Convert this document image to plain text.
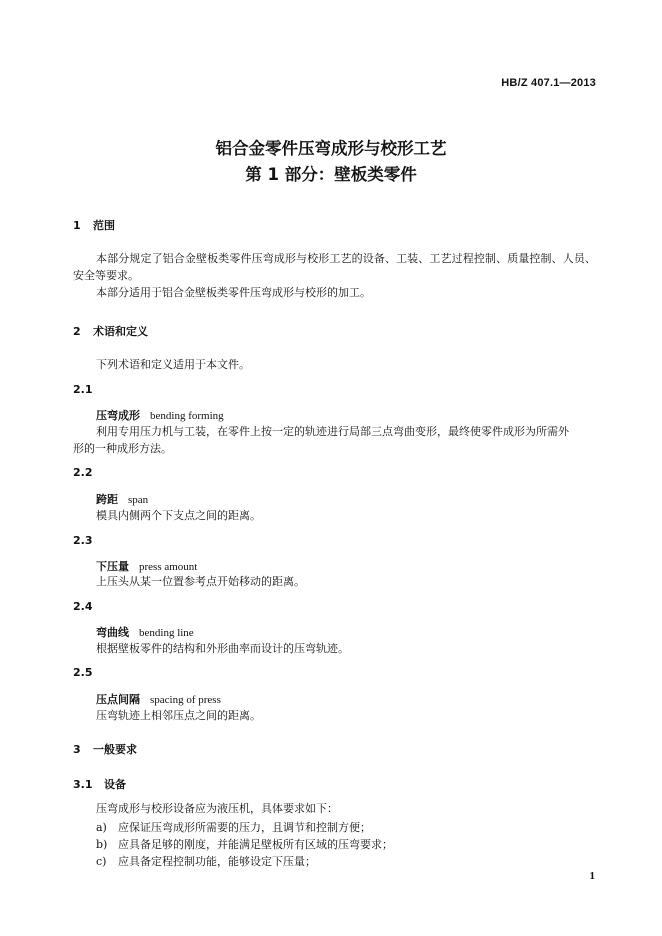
HB/Z 407.1—2013
铝合金零件压弯成形与校形工艺
第 1 部分：壁板类零件
1 范围
本部分规定了铝合金壁板类零件压弯成形与校形工艺的设备、工装、工艺过程控制、质量控制、人员、安全等要求。
本部分适用于铝合金壁板类零件压弯成形与校形的加工。
2 术语和定义
下列术语和定义适用于本文件。
2.1
压弯成形 bending forming
利用专用压力机与工装，在零件上按一定的轨迹进行局部三点弯曲变形，最终使零件成形为所需外
形的一种成形方法。
2.2
跨距 span
模具内侧两个下支点之间的距离。
2.3
下压量 press amount
上压头从某一位置参考点开始移动的距离。
2.4
弯曲线 bending line
根据壁板零件的结构和外形曲率而设计的压弯轨迹。
2.5
压点间隔 spacing of press
压弯轨迹上相邻压点之间的距离。
3 一般要求
3.1 设备
压弯成形与校形设备应为液压机，具体要求如下：
a) 应保证压弯成形所需要的压力，且调节和控制方便；
b) 应具备足够的刚度，并能满足壁板所有区域的压弯要求；
c) 应具备定程控制功能，能够设定下压量；
1
